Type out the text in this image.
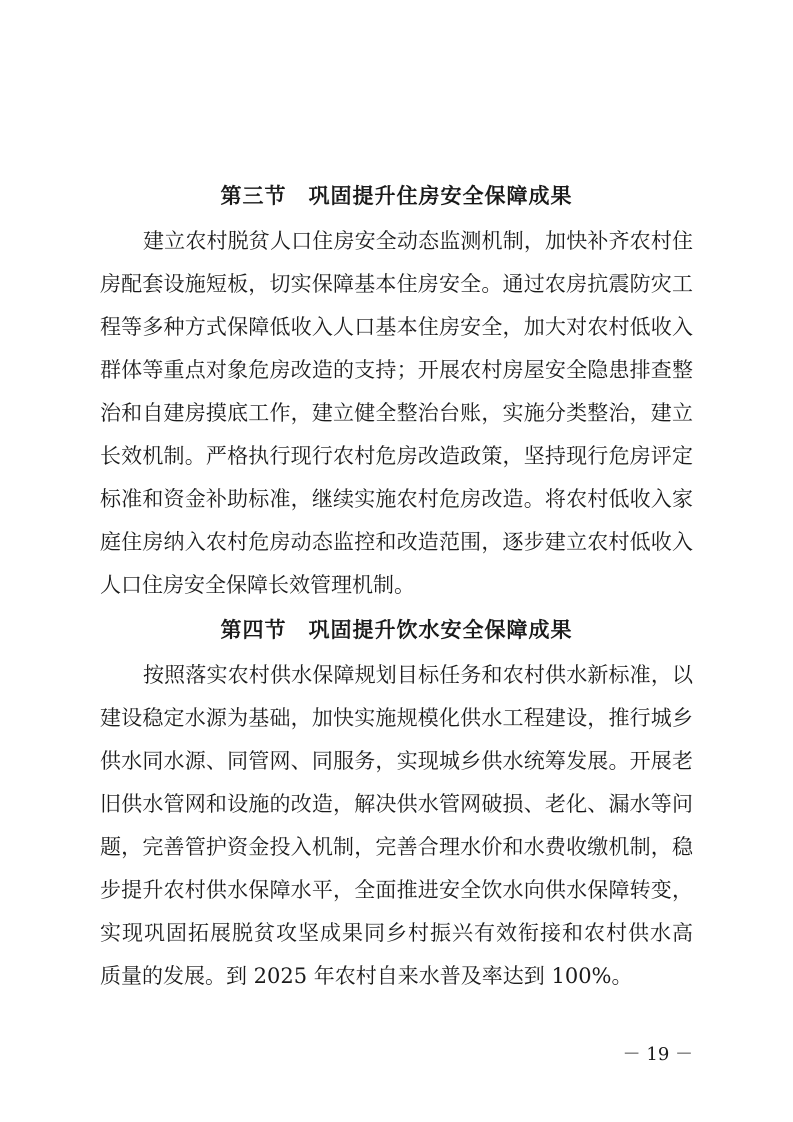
第三节　巩固提升住房安全保障成果

建立农村脱贫人口住房安全动态监测机制，加快补齐农村住

房配套设施短板，切实保障基本住房安全。通过农房抗震防灾工

程等多种方式保障低收入人口基本住房安全，加大对农村低收入

群体等重点对象危房改造的支持；开展农村房屋安全隐患排查整

治和自建房摸底工作，建立健全整治台账，实施分类整治，建立

长效机制。严格执行现行农村危房改造政策，坚持现行危房评定

标准和资金补助标准，继续实施农村危房改造。将农村低收入家

庭住房纳入农村危房动态监控和改造范围，逐步建立农村低收入

人口住房安全保障长效管理机制。

第四节　巩固提升饮水安全保障成果

按照落实农村供水保障规划目标任务和农村供水新标准，以

建设稳定水源为基础，加快实施规模化供水工程建设，推行城乡

供水同水源、同管网、同服务，实现城乡供水统筹发展。开展老

旧供水管网和设施的改造，解决供水管网破损、老化、漏水等问

题，完善管护资金投入机制，完善合理水价和水费收缴机制，稳

步提升农村供水保障水平，全面推进安全饮水向供水保障转变，

实现巩固拓展脱贫攻坚成果同乡村振兴有效衔接和农村供水高

质量的发展。到 2025 年农村自来水普及率达到 100%。

－ 19 －
